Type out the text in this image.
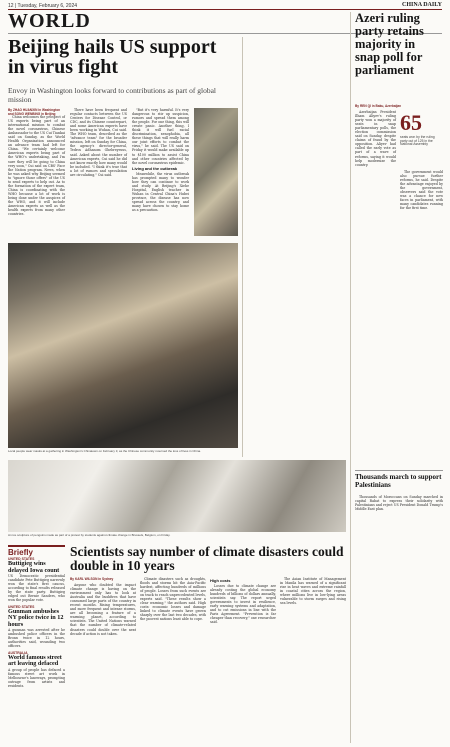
12 | Tuesday, February 6, 2024	CHINA DAILY
WORLD
Beijing hails US support in virus fight
Envoy in Washington looks forward to contributions as part of global mission
By ZHAO HUANXIN in Washington and SONG WENBING in Beijing

China welcomes the prospect of US experts being part of an international mission to combat the novel coronavirus, Chinese Ambassador to the US Cui Tiankai said on Sunday, as the World Health Organization announced an advance team had left for China. "We certainly welcome American experts being part of the WHO's undertaking, and I'm sure they will be going to China very soon," Cui said on CBS' Face the Nation program. News, when he was asked why Beijing seemed to "ignore those offers" of the US to send experts to help out. As to the formation of the expert team, China is coordinating with the WHO because a lot of work is being done under the auspices of the WHO, and it will include American experts as well as the health experts from many other countries.

There have been frequent and regular contacts between the US Centers for Disease Control, or CDC, and its Chinese counterpart, and some American experts have been working in Wuhan, Cui said. The WHO team, described as the "advance team" for the broader mission, left on Sunday for China, the agency's director-general, Tedros Adhanom Ghebreyesus, said. Asked about the number of American experts, Cui said he did not know exactly how many would be included. "I think it's true that a lot of rumors and speculation are circulating," Cui said.

"But it's very harmful. It's very dangerous to stir up suspicion, rumors and spread them among the people. For one thing, this will create panic. Another thing, I think it will fuel racial discrimination, xenophobia, all these things that will really harm our joint efforts to combat the virus," he said. The US said on Friday it would make available up to $100 million to assist China and other countries affected by the novel coronavirus epidemic.

Living and the outbreak

Meanwhile, the virus outbreak has prompted many to wonder how they can continue to work and study. At Beijing's Xiehe Hospital, English teacher in Wuhan in Central China's Hubei province, the disease has now spread across the country, and many have chosen to stay home as a precaution.

Local people wear masks at a gathering in Washington's Chinatown on February 3, as the Chinese community mourned the loss of lives in China.
An ice sculpture of penguins made as part of a protest by students against climate change in Brussels, Belgium, on Friday.
Scientists say number of climate disasters could double in 10 years
Briefly
UNITED STATES
Buttigieg wins delayed Iowa count
US Democratic presidential candidate Pete Buttigieg narrowly won the state's first caucus, according to final results released by the state party. Buttigieg edged out Bernie Sanders, who won the popular vote.
UNITED STATES
Gunman ambushes NY police twice in 12 hours
A gunman was arrested after he ambushed police officers in the Bronx twice in 12 hours, authorities said, wounding two officers.
AUSTRALIA
World famous street art leaving defaced
A group of people has defaced a famous street art work in Melbourne's laneways, prompting outrage from artists and residents.
By KARL WILSON in Sydney

Anyone who doubted the impact climate change is having on the environment only has to look at Australia and the bushfires that have consumed large parts of the country in recent months. Rising temperatures, and more frequent and intense storms, are all becoming a feature of a warming planet, according to scientists. The United Nations warned that the number of climate-related disasters could double over the next decade if action is not taken.

Climate disasters such as droughts, floods and storms hit the Asia-Pacific hardest, affecting hundreds of millions of people. Losses from such events are on track to reach unprecedented levels, experts said. "These results show a clear warning," the authors said. High costs: economic losses and damage linked to climate events have grown sharply over the last two decades, with the poorest nations least able to cope.

High costs

Losses due to climate change are already costing the global economy hundreds of billions of dollars annually, scientists say. The report urged governments to invest in resilience, early warning systems and adaptation, and to cut emissions in line with the Paris Agreement. "Prevention is far cheaper than recovery," one researcher said.

The Asian Institute of Management in Manila has warned of a significant rise in heat waves and extreme rainfall in coastal cities across the region, where millions live in low-lying areas vulnerable to storm surges and rising sea levels.

Azeri ruling party retains majority in snap poll for parliament
By REN QI in Baku, Azerbaijan

Azerbaijan President Ilham Aliyev's ruling party won a majority of seats in snap parliamentary polls, the election commission said on Sunday, despite claims of fraud by the opposition. Aliyev had called the early vote as part of a wave of reforms, saying it would help modernize the country.

65
seats won by the ruling party out of 125 in the National Assembly

The government would also pursue further reforms, he said. Despite the advantage enjoyed by the government, observers said the vote was a chance for new faces in parliament, with many candidates running for the first time.

Thousands march to support Palestinians

Thousands of Moroccans on Sunday marched in capital Rabat to express their solidarity with Palestinians and reject US President Donald Trump's Middle East plan.
